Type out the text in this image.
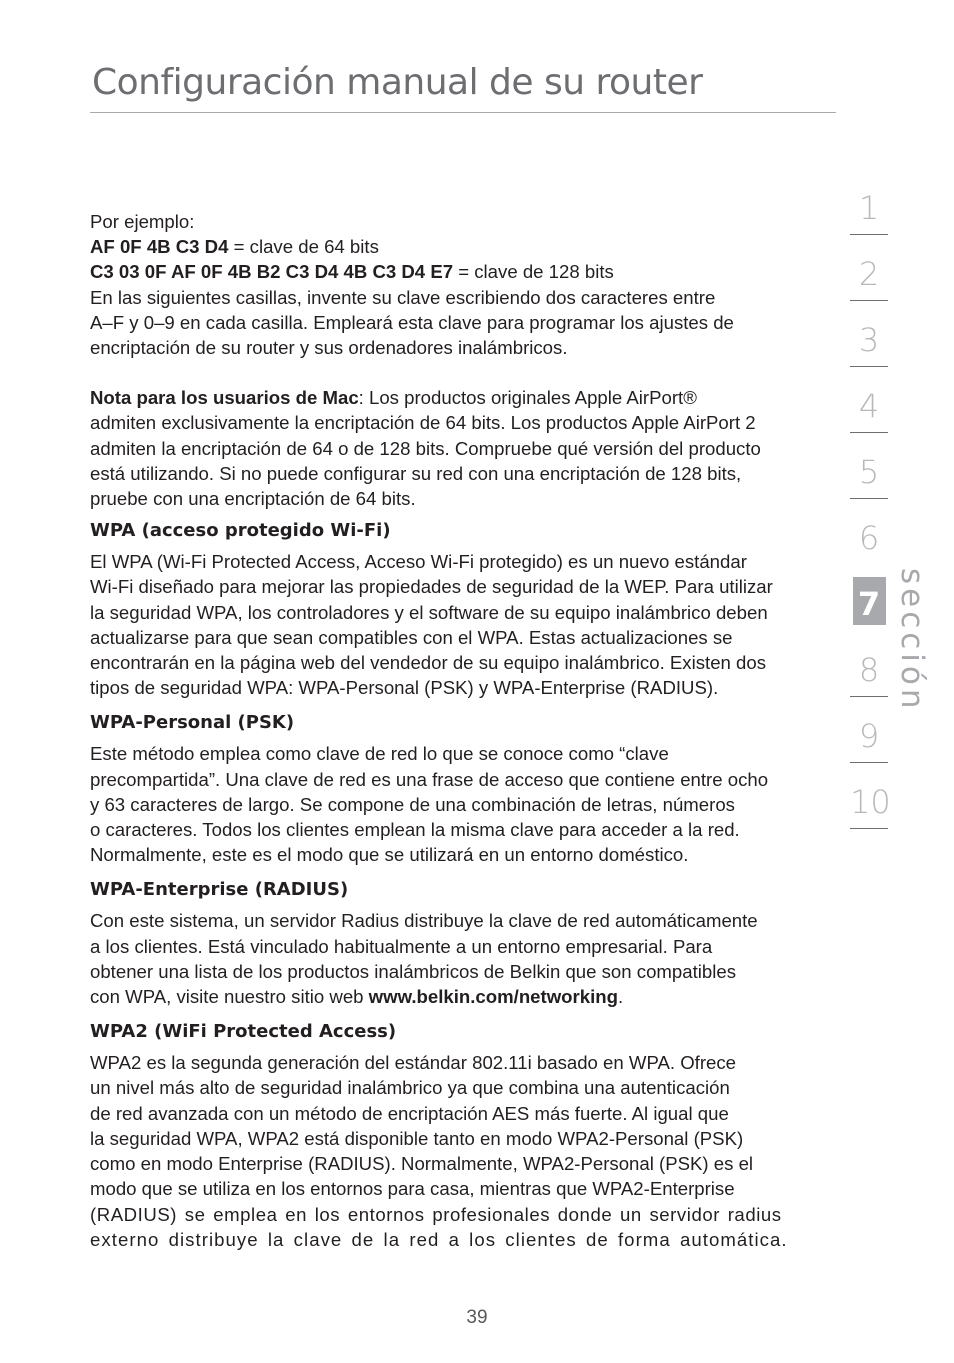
Configuración manual de su router

Por ejemplo:

AF 0F 4B C3 D4 = clave de 64 bits

C3 03 0F AF 0F 4B B2 C3 D4 4B C3 D4 E7 = clave de 128 bits

En las siguientes casillas, invente su clave escribiendo dos caracteres entre

A–F y 0–9 en cada casilla. Empleará esta clave para programar los ajustes de

encriptación de su router y sus ordenadores inalámbricos.

Nota para los usuarios de Mac: Los productos originales Apple AirPort®

admiten exclusivamente la encriptación de 64 bits. Los productos Apple AirPort 2

admiten la encriptación de 64 o de 128 bits. Compruebe qué versión del producto

está utilizando. Si no puede configurar su red con una encriptación de 128 bits,

pruebe con una encriptación de 64 bits.

WPA (acceso protegido Wi-Fi)

El WPA (Wi-Fi Protected Access, Acceso Wi-Fi protegido) es un nuevo estándar

Wi-Fi diseñado para mejorar las propiedades de seguridad de la WEP. Para utilizar

la seguridad WPA, los controladores y el software de su equipo inalámbrico deben

actualizarse para que sean compatibles con el WPA. Estas actualizaciones se

encontrarán en la página web del vendedor de su equipo inalámbrico. Existen dos

tipos de seguridad WPA: WPA-Personal (PSK) y WPA-Enterprise (RADIUS).

WPA-Personal (PSK)

Este método emplea como clave de red lo que se conoce como “clave

precompartida”. Una clave de red es una frase de acceso que contiene entre ocho

y 63 caracteres de largo. Se compone de una combinación de letras, números

o caracteres. Todos los clientes emplean la misma clave para acceder a la red.

Normalmente, este es el modo que se utilizará en un entorno doméstico.

WPA-Enterprise (RADIUS)

Con este sistema, un servidor Radius distribuye la clave de red automáticamente

a los clientes. Está vinculado habitualmente a un entorno empresarial. Para

obtener una lista de los productos inalámbricos de Belkin que son compatibles

con WPA, visite nuestro sitio web www.belkin.com/networking.

WPA2 (WiFi Protected Access)

WPA2 es la segunda generación del estándar 802.11i basado en WPA. Ofrece

un nivel más alto de seguridad inalámbrico ya que combina una autenticación

de red avanzada con un método de encriptación AES más fuerte. Al igual que

la seguridad WPA, WPA2 está disponible tanto en modo WPA2-Personal (PSK)

como en modo Enterprise (RADIUS). Normalmente, WPA2-Personal (PSK) es el

modo que se utiliza en los entornos para casa, mientras que WPA2-Enterprise

(RADIUS) se emplea en los entornos profesionales donde un servidor radius

externo distribuye la clave de la red a los clientes de forma automática.

1
2
3
4
5
6
7
8
9
10
sección
39
